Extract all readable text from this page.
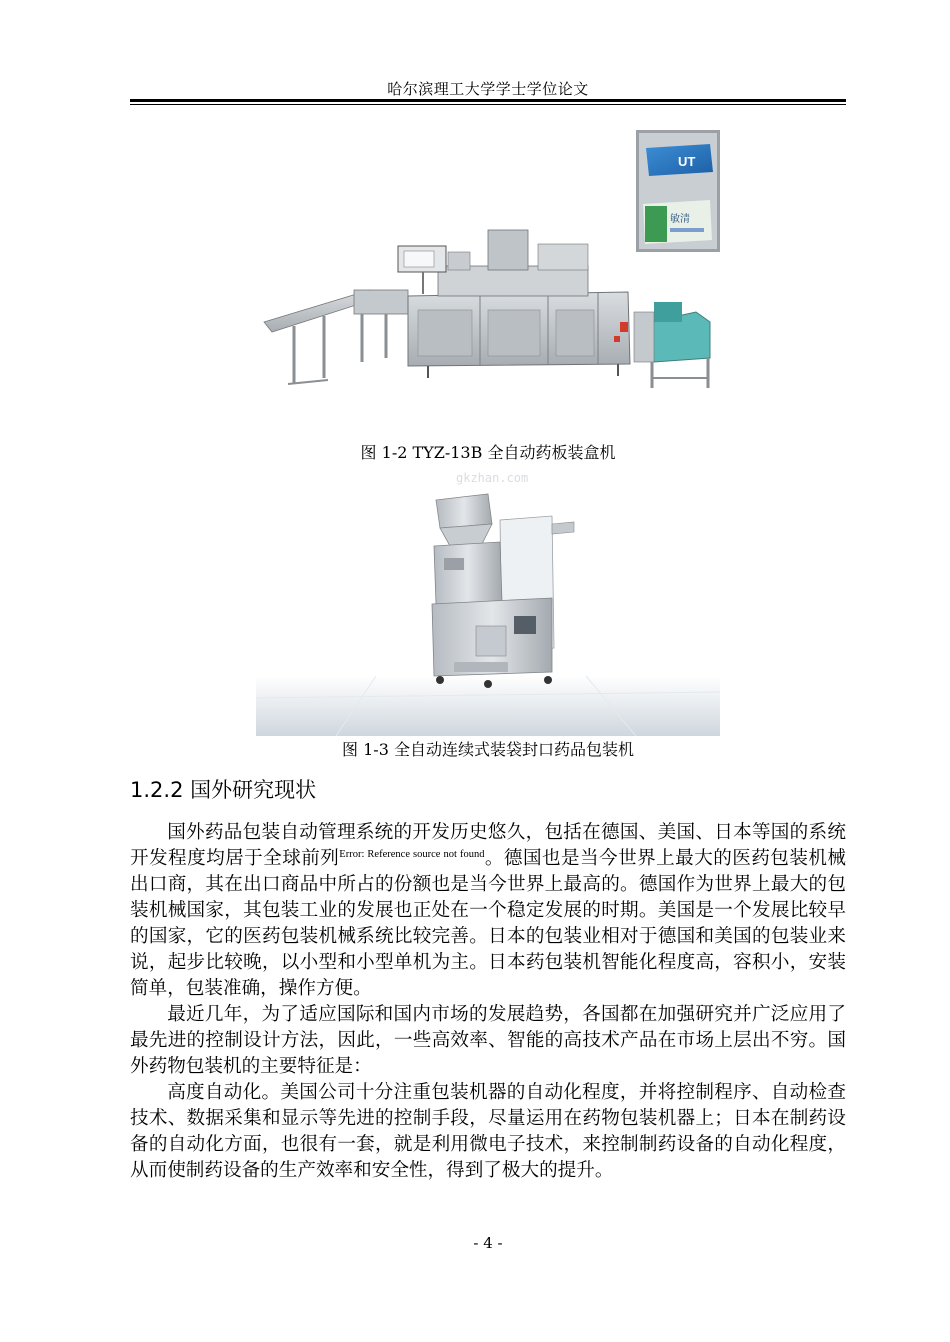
哈尔滨理工大学学士学位论文
UT
敏清
图 1-2 TYZ-13B 全自动药板装盒机
gkzhan.com
图 1-3 全自动连续式装袋封口药品包装机
1.2.2 国外研究现状

国外药品包装自动管理系统的开发历史悠久，包括在德国、美国、日本等国的系统开发程度均居于全球前列$^{Error: Reference source not found}$。德国也是当今世界上最大的医药包装机械出口商，其在出口商品中所占的份额也是当今世界上最高的。德国作为世界上最大的包装机械国家，其包装工业的发展也正处在一个稳定发展的时期。美国是一个发展比较早的国家，它的医药包装机械系统比较完善。日本的包装业相对于德国和美国的包装业来说，起步比较晚，以小型和小型单机为主。日本药包装机智能化程度高，容积小，安装简单，包装准确，操作方便。

最近几年，为了适应国际和国内市场的发展趋势，各国都在加强研究并广泛应用了最先进的控制设计方法，因此，一些高效率、智能的高技术产品在市场上层出不穷。国外药物包装机的主要特征是：

高度自动化。美国公司十分注重包装机器的自动化程度，并将控制程序、自动检查技术、数据采集和显示等先进的控制手段，尽量运用在药物包装机器上；日本在制药设备的自动化方面，也很有一套，就是利用微电子技术，来控制制药设备的自动化程度，从而使制药设备的生产效率和安全性，得到了极大的提升。

- 4 -
